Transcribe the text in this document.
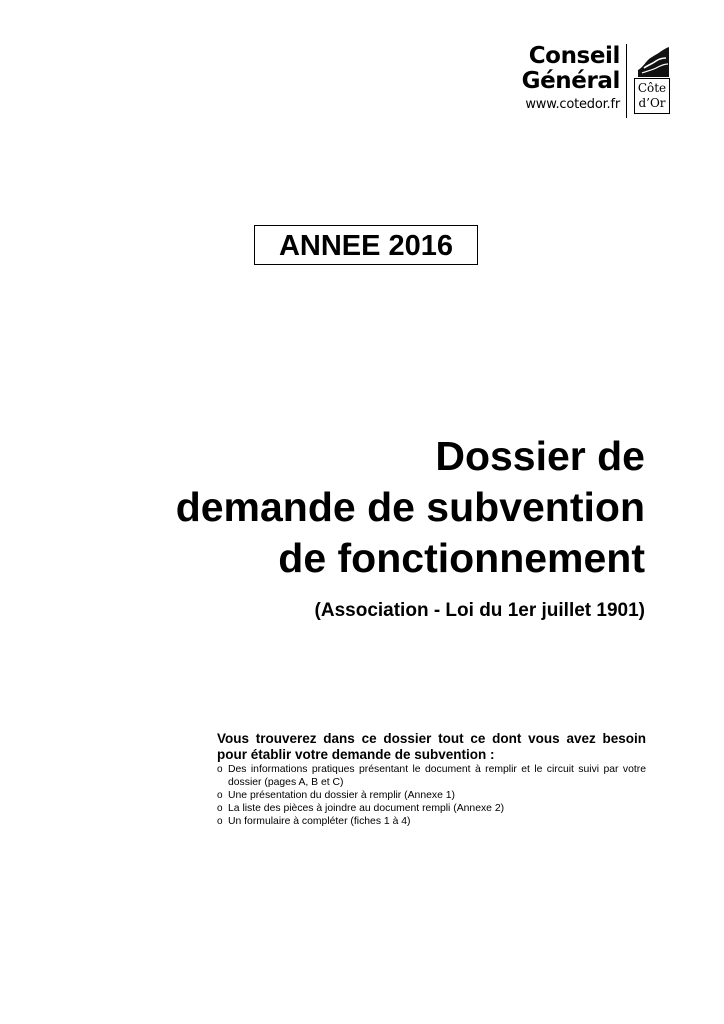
Conseil
Général
www.cotedor.fr
Côte
d’Or
ANNEE 2016
Dossier de
demande de subvention
de fonctionnement
(Association - Loi du 1er juillet 1901)

Vous trouverez dans ce dossier tout ce dont vous avez besoin pour établir votre demande de subvention :

o Des informations pratiques présentant le document à remplir et le circuit suivi par votre dossier (pages A, B et C)
o Une présentation du dossier à remplir (Annexe 1)
o La liste des pièces à joindre au document rempli (Annexe 2)
o Un formulaire à compléter (fiches 1 à 4)
